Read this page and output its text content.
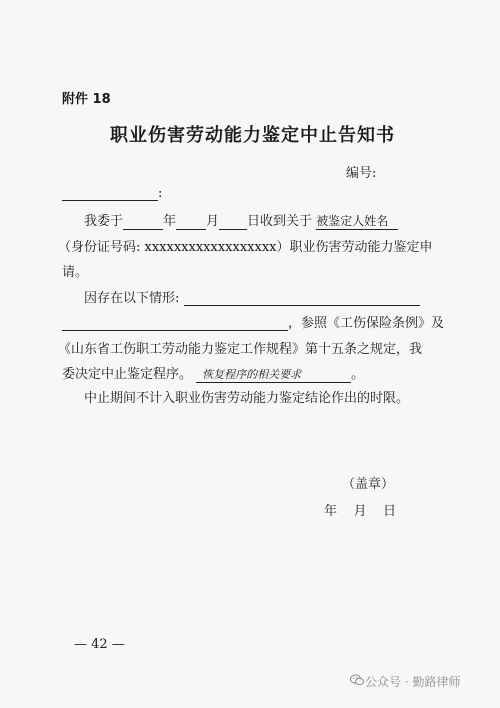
附件 18
职业伤害劳动能力鉴定中止告知书
编号:
:
我委于	年 月 日收到关于 被鉴定人姓名
（身份证号码: xxxxxxxxxxxxxxxxxx）职业伤害劳动能力鉴定申
请。
因存在以下情形:
，参照《工伤保险条例》及
《山东省工伤职工劳动能力鉴定工作规程》第十五条之规定，我
委决定中止鉴定程序。 恢复程序的相关要求	。
中止期间不计入职业伤害劳动能力鉴定结论作出的时限。
（盖章）
年    月    日
— 42 —
公众号 · 勤路律师
